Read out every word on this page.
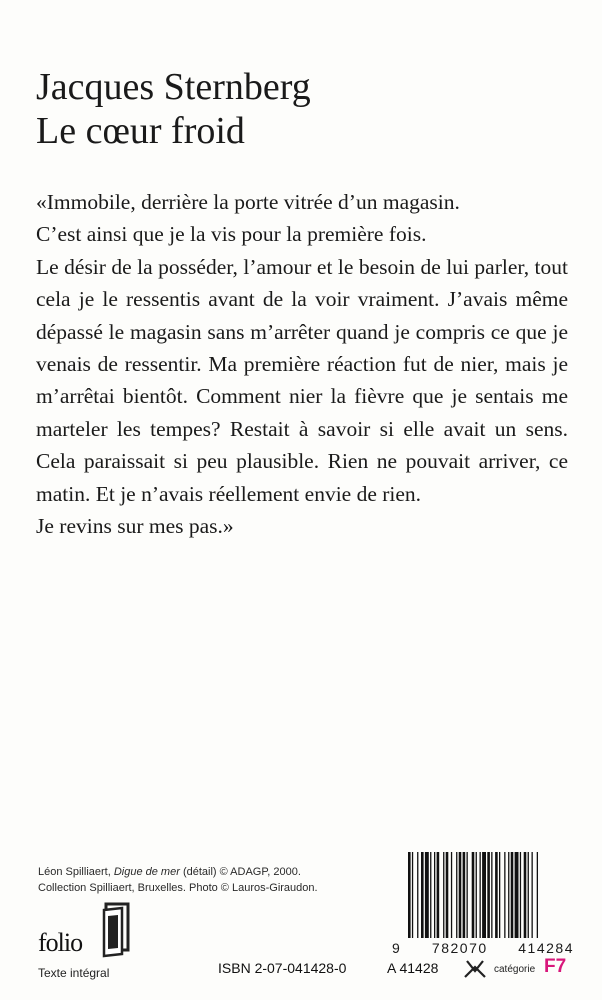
Jacques Sternberg
Le cœur froid

«Immobile, derrière la porte vitrée d’un magasin.

C’est ainsi que je la vis pour la première fois.

Le désir de la posséder, l’amour et le besoin de lui parler, tout cela je le ressentis avant de la voir vraiment. J’avais même dépassé le magasin sans m’arrêter quand je compris ce que je venais de ressentir. Ma première réaction fut de nier, mais je m’arrêtai bientôt. Comment nier la fièvre que je sentais me marteler les tempes? Restait à savoir si elle avait un sens. Cela paraissait si peu plausible. Rien ne pouvait arriver, ce matin. Et je n’avais réellement envie de rien.

Je revins sur mes pas.»

Léon Spilliaert, Digue de mer (détail) © ADAGP, 2000.
Collection Spilliaert, Bruxelles. Photo © Lauros-Giraudon.
folio
Texte intégral
9 782070 414284
ISBN 2-07-041428-0	A 41428	catégorie F7
